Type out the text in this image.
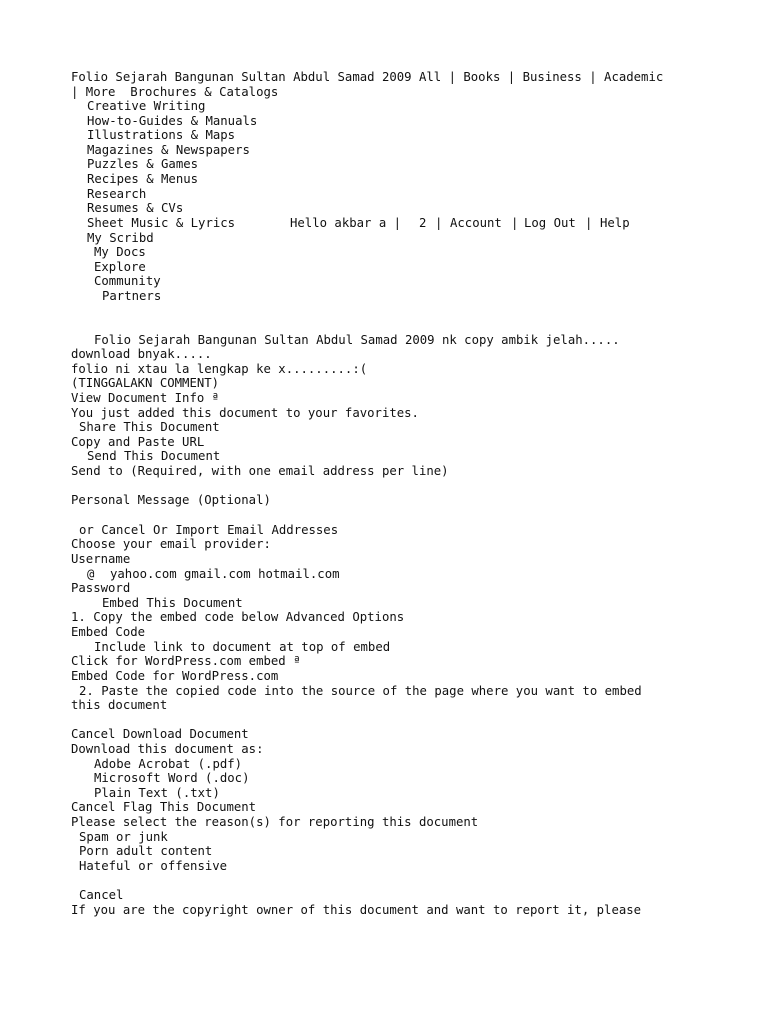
Folio Sejarah Bangunan Sultan Abdul Samad 2009 All | Books | Business | Academic
| More  Brochures & Catalogs
Creative Writing
How-to-Guides & Manuals
Illustrations & Maps
Magazines & Newspapers
Puzzles & Games
Recipes & Menus
Research
Resumes & CVs
Sheet Music & Lyrics	Hello akbar a | 2 | Account | Log Out | Help
My Scribd
My Docs
Explore
Community
Partners
Folio Sejarah Bangunan Sultan Abdul Samad 2009 nk copy ambik jelah.....
download bnyak.....
folio ni xtau la lengkap ke x.........:(
(TINGGALAKN COMMENT)
View Document Info ª
You just added this document to your favorites.
Share This Document
Copy and Paste URL
Send This Document
Send to (Required, with one email address per line)
Personal Message (Optional)
or Cancel Or Import Email Addresses
Choose your email provider:
Username
@ yahoo.com gmail.com hotmail.com
Password
Embed This Document
1. Copy the embed code below Advanced Options
Embed Code
Include link to document at top of embed
Click for WordPress.com embed ª
Embed Code for WordPress.com
2. Paste the copied code into the source of the page where you want to embed
this document
Cancel Download Document
Download this document as:
Adobe Acrobat (.pdf)
Microsoft Word (.doc)
Plain Text (.txt)
Cancel Flag This Document
Please select the reason(s) for reporting this document
Spam or junk
Porn adult content
Hateful or offensive
Cancel
If you are the copyright owner of this document and want to report it, please
